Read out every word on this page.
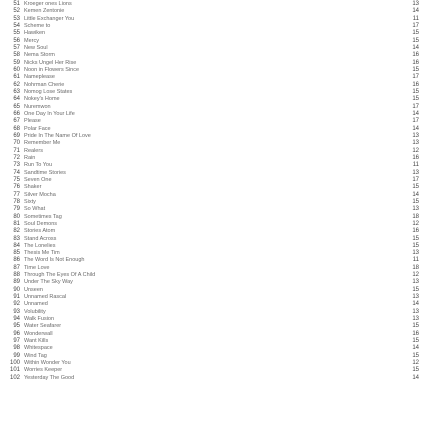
51 Kroeger ones Lions	13
52 Kemen Zentonie	14
53 Little Exchanger You	11
54 Scheme to	17
55 Hawiken	15
56 Mercy	15
57 New Soul	14
58 Nema Storm	16
59 Nicks Ungel Her Rise	16
60 Noon in Flowers Since	15
61 Nameplease	17
62 Nohrman Cherie	16
63 Nomog Lose States	15
64 Nokey's Home	15
65 Nuremwon	17
66 One Day In Your Life	14
67 Please	17
68 Polar Face	14
69 Pride In The Name Of Love	13
70 Remember Me	13
71 Realers	12
72 Rain	16
73 Run To You	11
74 Sandtime Stories	13
75 Seven One	17
76 Shaker	15
77 Silver Mocha	14
78 Sixty	15
79 So What	13
80 Sometimes Tag	18
81 Soul Demons	12
82 Stories Atom	16
83 Stand Across	15
84 The Lonelies	15
85 Thesis Me Tim	13
86 The Word Is Not Enough	11
87 Time Love	18
88 Through The Eyes Of A Child	12
89 Under The Sky Way	13
90 Unseen	15
91 Unnamed Rascal	13
92 Unnamed	14
93 Volubility	13
94 Walk Fusion	13
95 Water Seafarer	15
96 Wonderwall	16
97 Want Kills	15
98 Whitespace	14
99 Wind Tag	15
100 Within Wonder You	12
101 Worries Keeper	15
102 Yesterday The Good	14
